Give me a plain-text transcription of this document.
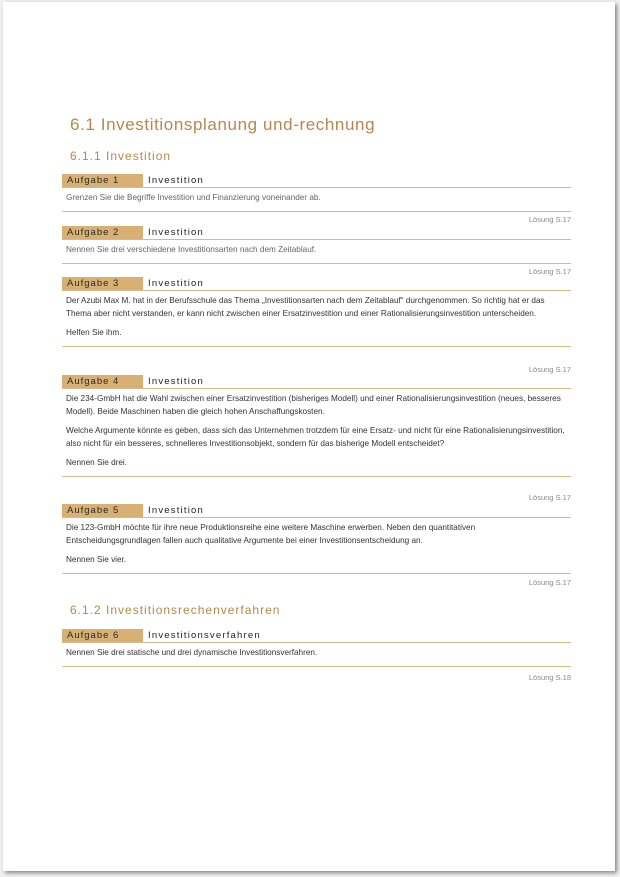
6.1 Investitionsplanung und-rechnung
6.1.1 Investition
Aufgabe 1	Investition

Grenzen Sie die Begriffe Investition und Finanzierung voneinander ab.

Lösung S.17
Aufgabe 2	Investition

Nennen Sie drei verschiedene Investitionsarten nach dem Zeitablauf.

Lösung S.17
Aufgabe 3	Investition

Der Azubi Max M. hat in der Berufsschule das Thema „Investitionsarten nach dem Zeitablauf“ durchgenommen. So richtig hat er das Thema aber nicht verstanden, er kann nicht zwischen einer Ersatzinvestition und einer Rationalisierungsinvestition unterscheiden.

Helfen Sie ihm.

Lösung S.17
Aufgabe 4	Investition

Die 234-GmbH hat die Wahl zwischen einer Ersatzinvestition (bisheriges Modell) und einer Rationalisierungsinvestition (neues, besseres Modell). Beide Maschinen haben die gleich hohen Anschaffungskosten.

Welche Argumente könnte es geben, dass sich das Unternehmen trotzdem für eine Ersatz- und nicht für eine Rationalisierungsinvestition, also nicht für ein besseres, schnelleres Investitionsobjekt, sondern für das bisherige Modell entscheidet?

Nennen Sie drei.

Lösung S.17
Aufgabe 5	Investition

Die 123-GmbH möchte für ihre neue Produktionsreihe eine weitere Maschine erwerben. Neben den quantitativen Entscheidungsgrundlagen fallen auch qualitative Argumente bei einer Investitionsentscheidung an.

Nennen Sie vier.

Lösung S.17
6.1.2 Investitionsrechenverfahren
Aufgabe 6	Investitionsverfahren

Nennen Sie drei statische und drei dynamische Investitionsverfahren.

Lösung S.18
